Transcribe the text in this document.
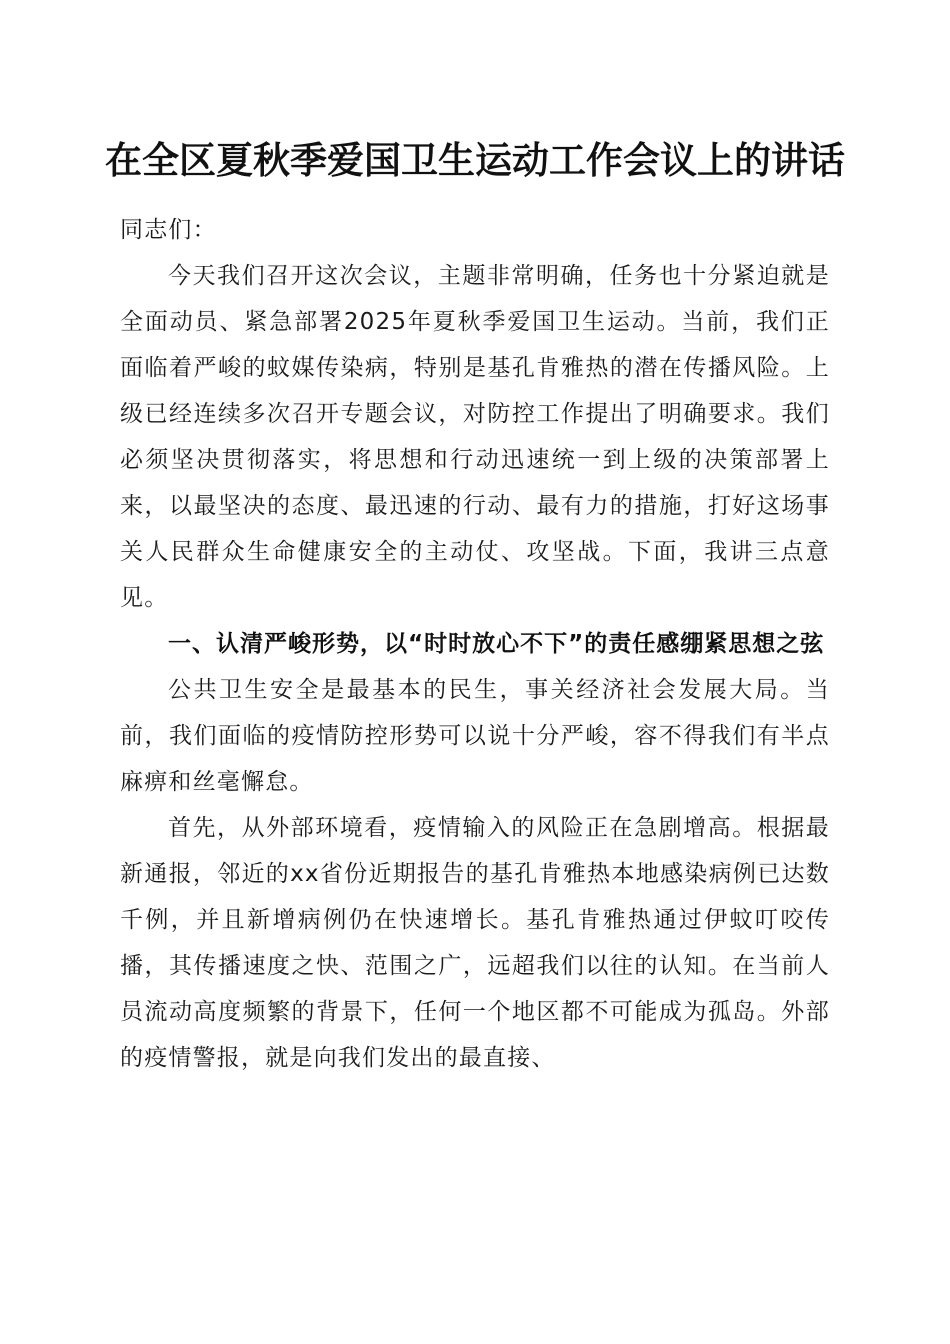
在全区夏秋季爱国卫生运动工作会议上的讲话

同志们：

今天我们召开这次会议，主题非常明确，任务也十分紧迫就是全面动员、紧急部署2025年夏秋季爱国卫生运动。当前，我们正面临着严峻的蚊媒传染病，特别是基孔肯雅热的潜在传播风险。上级已经连续多次召开专题会议，对防控工作提出了明确要求。我们必须坚决贯彻落实，将思想和行动迅速统一到上级的决策部署上来，以最坚决的态度、最迅速的行动、最有力的措施，打好这场事关人民群众生命健康安全的主动仗、攻坚战。下面，我讲三点意见。

一、认清严峻形势，以“时时放心不下”的责任感绷紧思想之弦

公共卫生安全是最基本的民生，事关经济社会发展大局。当前，我们面临的疫情防控形势可以说十分严峻，容不得我们有半点麻痹和丝毫懈怠。

首先，从外部环境看，疫情输入的风险正在急剧增高。根据最新通报，邻近的xx省份近期报告的基孔肯雅热本地感染病例已达数千例，并且新增病例仍在快速增长。基孔肯雅热通过伊蚊叮咬传播，其传播速度之快、范围之广，远超我们以往的认知。在当前人员流动高度频繁的背景下，任何一个地区都不可能成为孤岛。外部的疫情警报，就是向我们发出的最直接、
